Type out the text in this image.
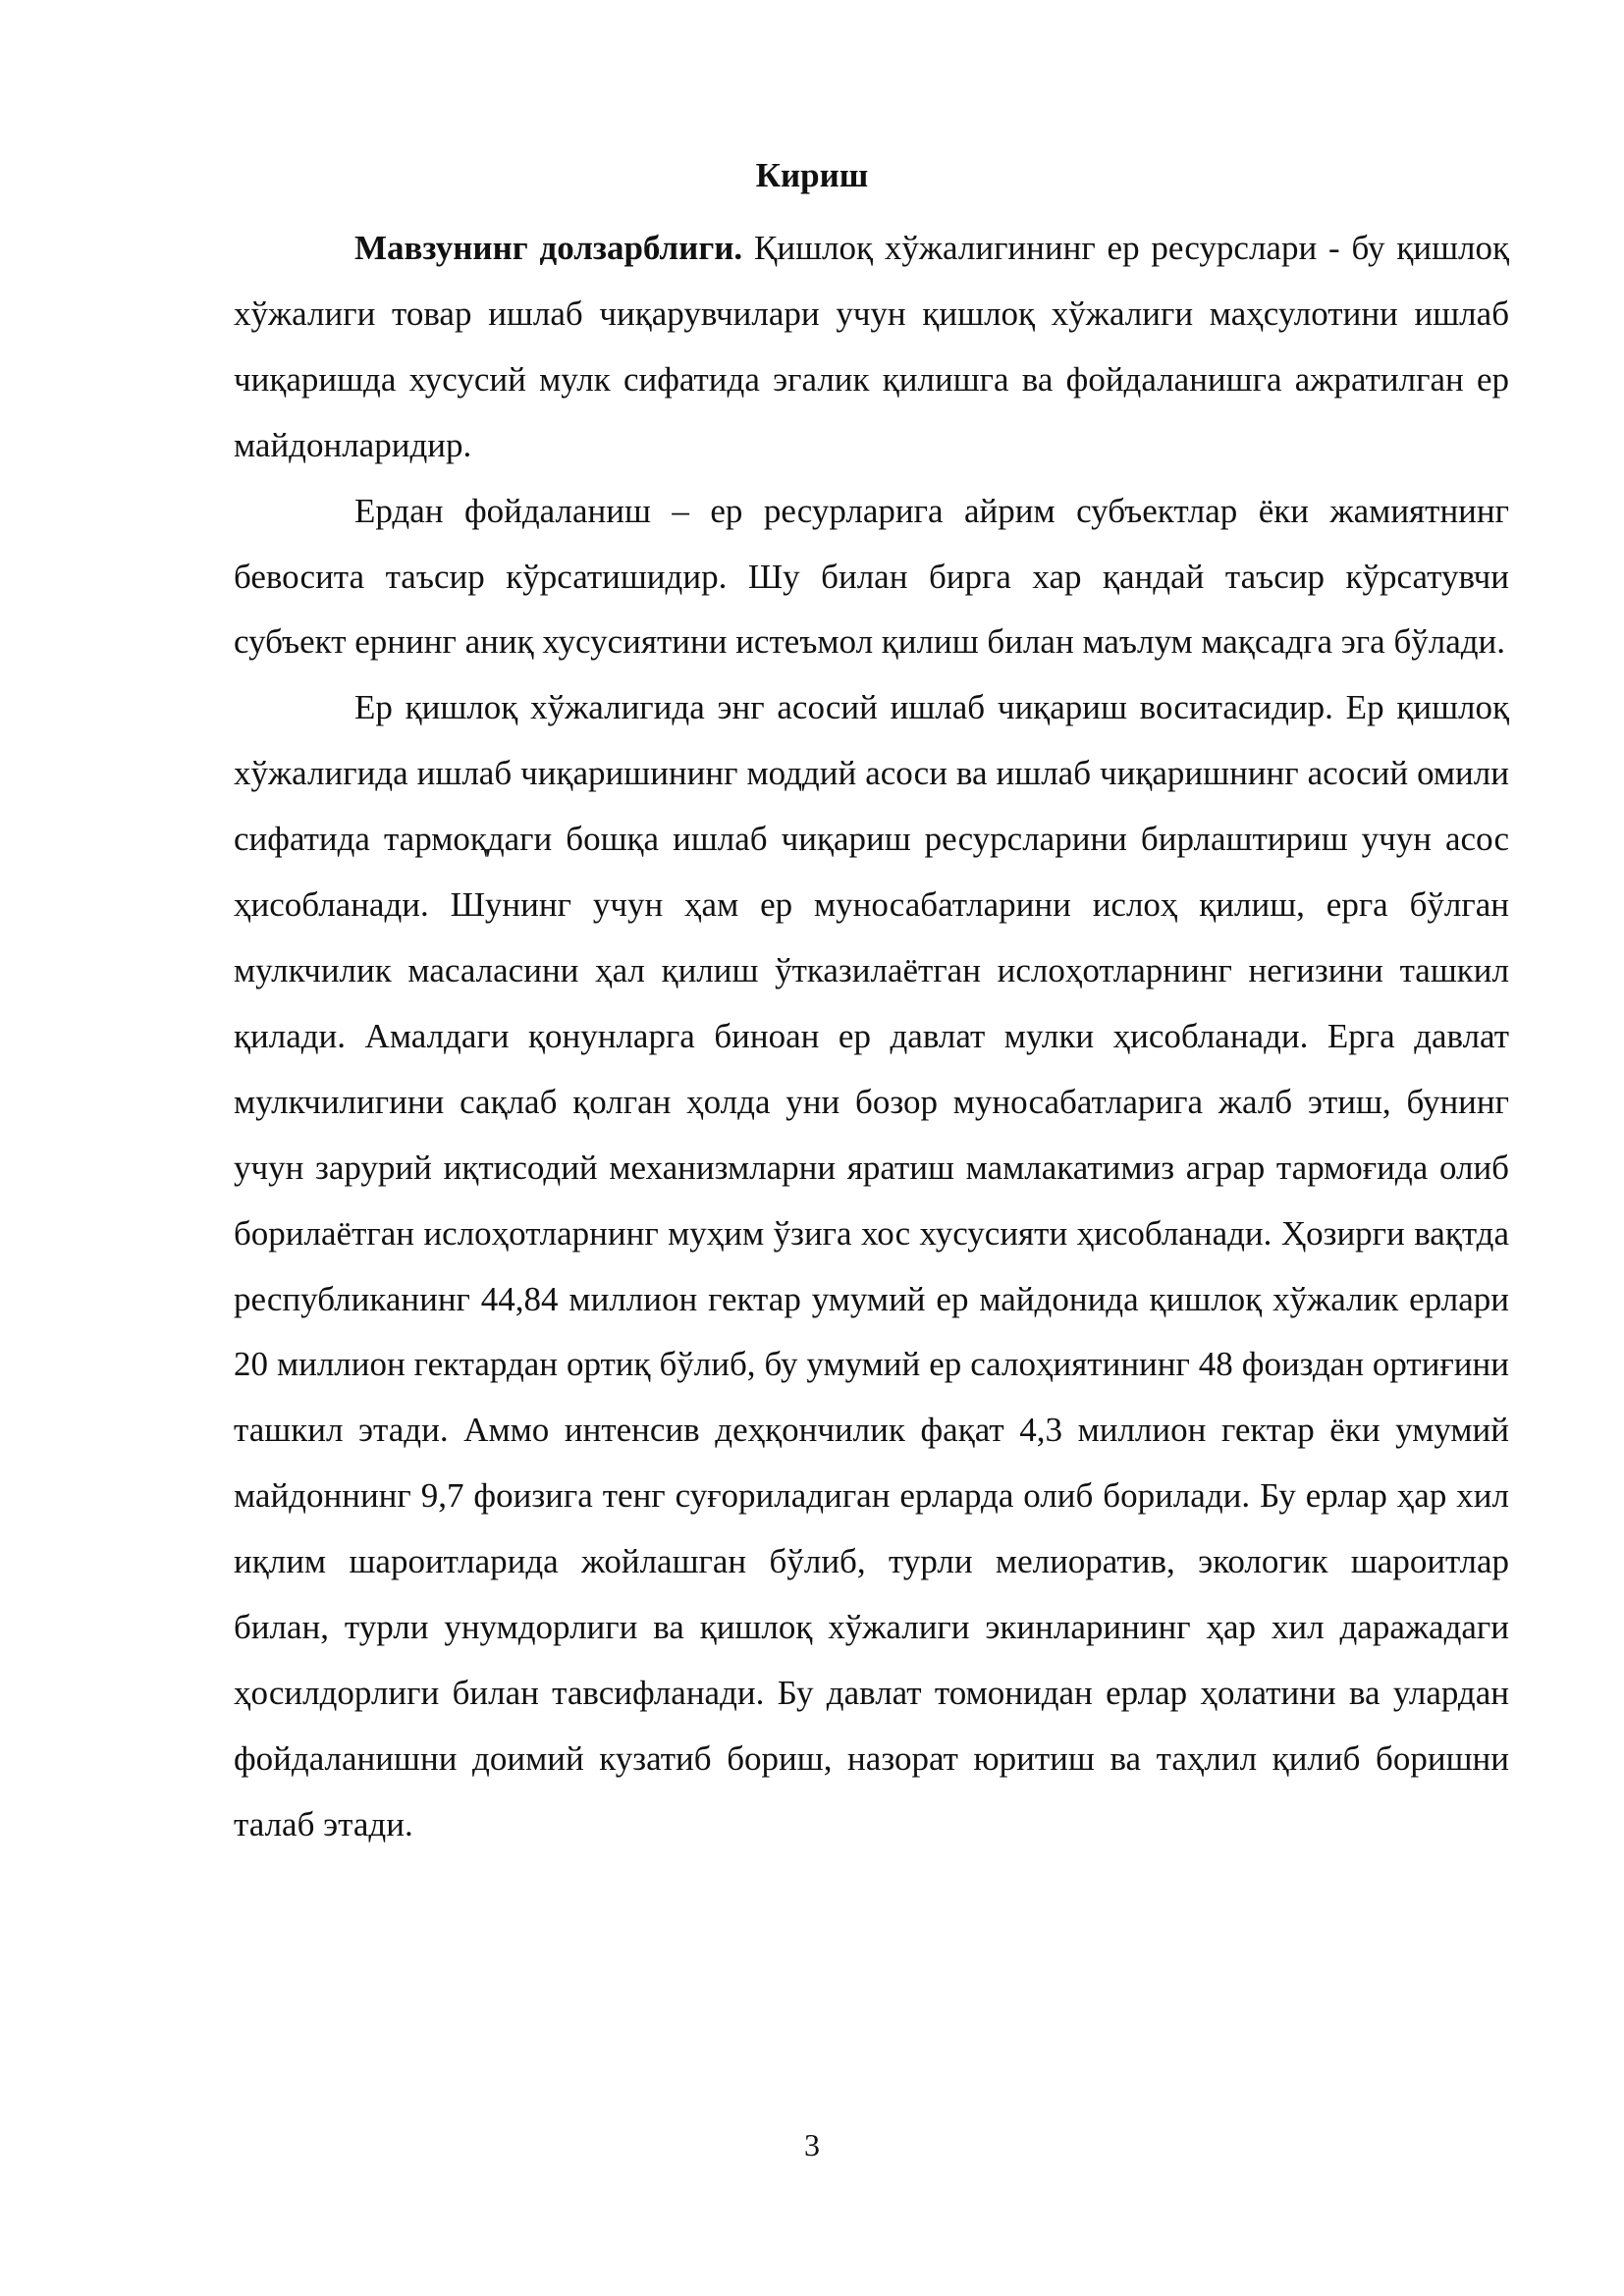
Кириш

Мавзунинг долзарблиги. Қишлоқ хўжалигининг ер ресурслари - бу қишлоқ хўжалиги товар ишлаб чиқарувчилари учун қишлоқ хўжалиги маҳсулотини ишлаб чиқаришда хусусий мулк сифатида эгалик қилишга ва фойдаланишга ажратилган ер майдонларидир.

Ердан фойдаланиш – ер ресурларига айрим субъектлар ёки жамиятнинг бевосита таъсир кўрсатишидир. Шу билан бирга хар қандай таъсир кўрсатувчи субъект ернинг аниқ хусусиятини истеъмол қилиш билан маълум мақсадга эга бўлади.

Ер қишлоқ хўжалигида энг асосий ишлаб чиқариш воситасидир. Ер қишлоқ хўжалигида ишлаб чиқаришининг моддий асоси ва ишлаб чиқаришнинг асосий омили сифатида тармоқдаги бошқа ишлаб чиқариш ресурсларини бирлаштириш учун асос ҳисобланади. Шунинг учун ҳам ер муносабатларини ислоҳ қилиш, ерга бўлган мулкчилик масаласини ҳал қилиш ўтказилаётган ислоҳотларнинг негизини ташкил қилади. Амалдаги қонунларга биноан ер давлат мулки ҳисобланади. Ерга давлат мулкчилигини сақлаб қолган ҳолда уни бозор муносабатларига жалб этиш, бунинг учун зарурий иқтисодий механизмларни яратиш мамлакатимиз аграр тармоғида олиб борилаётган ислоҳотларнинг муҳим ўзига хос хусусияти ҳисобланади. Ҳозирги вақтда республиканинг 44,84 миллион гектар умумий ер майдонида қишлоқ хўжалик ерлари 20 миллион гектардан ортиқ бўлиб, бу умумий ер салоҳиятининг 48 фоиздан ортиғини ташкил этади. Аммо интенсив деҳқончилик фақат 4,3 миллион гектар ёки умумий майдоннинг 9,7 фоизига тенг суғориладиган ерларда олиб борилади. Бу ерлар ҳар хил иқлим шароитларида жойлашган бўлиб, турли мелиоратив, экологик шароитлар билан, турли унумдорлиги ва қишлоқ хўжалиги экинларининг ҳар хил даражадаги ҳосилдорлиги билан тавсифланади. Бу давлат томонидан ерлар ҳолатини ва улардан фойдаланишни доимий кузатиб бориш, назорат юритиш ва таҳлил қилиб боришни талаб этади.

3
